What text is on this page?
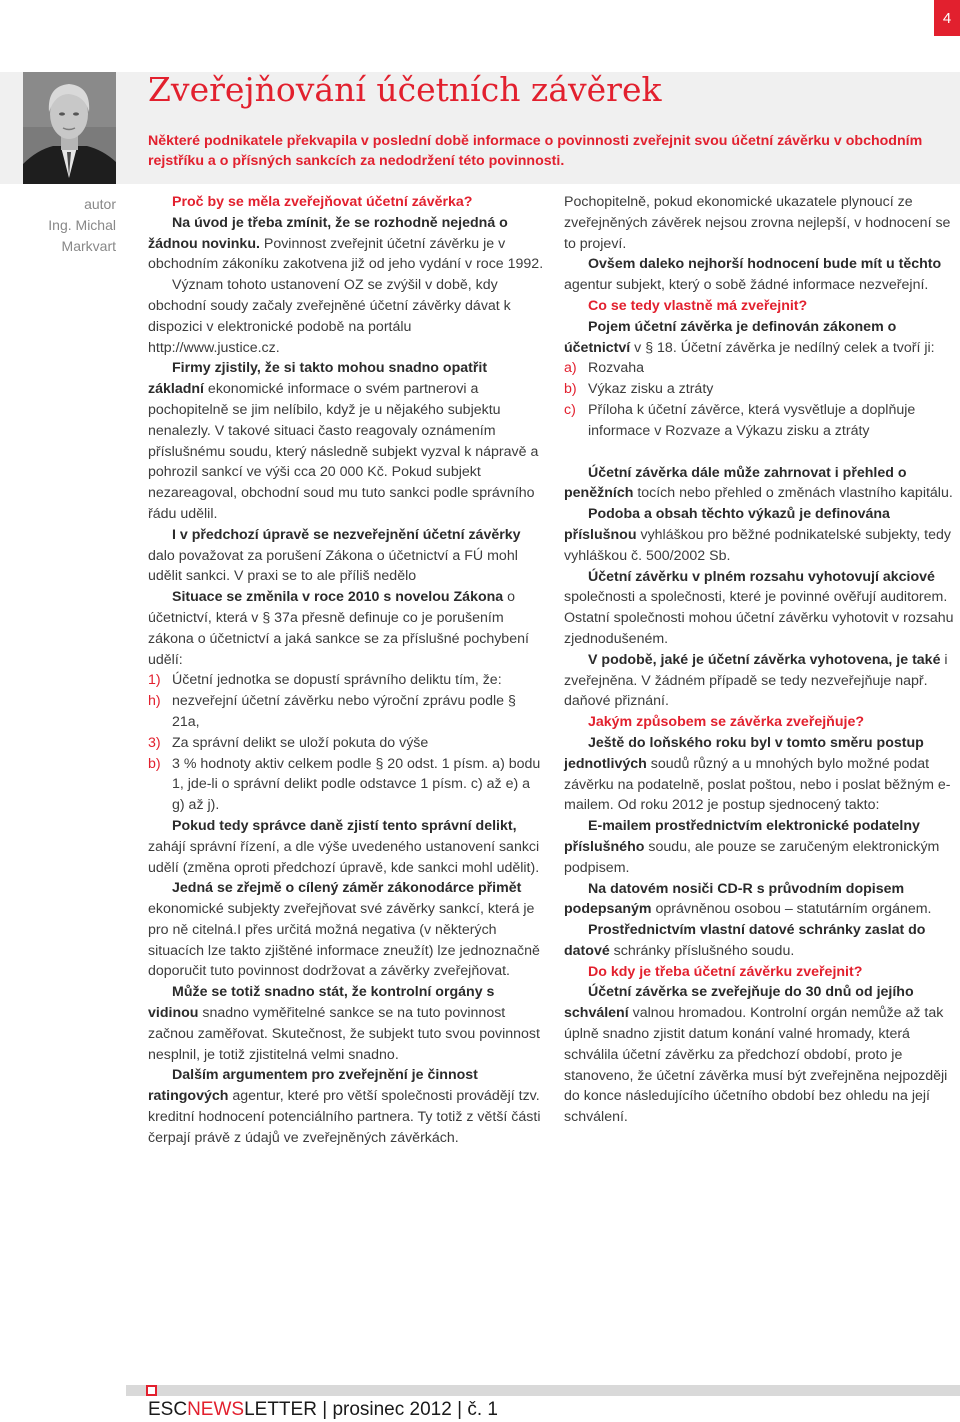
4
Zveřejňování účetních závěrek

Některé podnikatele překvapila v poslední době informace o povinnosti zveřejnit svou účetní závěrku v obchodním rejstříku a o přísných sankcích za nedodržení této povinnosti.

autor
Ing. Michal
Markvart

Proč by se měla zveřejňovat účetní závěrka?

Na úvod je třeba zmínit, že se rozhodně nejedná o žádnou novinku. Povinnost zveřejnit účetní závěrku je v obchodním zákoníku zakotvena již od jeho vydání v roce 1992.

Význam tohoto ustanovení OZ se zvýšil v době, kdy obchodní soudy začaly zveřejněné účetní závěrky dávat k dispozici v elektronické podobě na portálu http://www.justice.cz.

Firmy zjistily, že si takto mohou snadno opatřit základní ekonomické informace o svém partnerovi a pochopitelně se jim nelíbilo, když je u nějakého subjektu nenalezly. V takové situaci často reagovaly oznámením příslušnému soudu, který následně subjekt vyzval k nápravě a pohrozil sankcí ve výši cca 20 000 Kč. Pokud subjekt nezareagoval, obchodní soud mu tuto sankci podle správního řádu udělil.

I v předchozí úpravě se nezveřejnění účetní závěrky dalo považovat za porušení Zákona o účetnictví a FÚ mohl udělit sankci. V praxi se to ale příliš nedělo

Situace se změnila v roce 2010 s novelou Zákona o účetnictví, která v § 37a přesně definuje co je porušením zákona o účetnictví a jaká sankce se za příslušné pochybení udělí:

1) Účetní jednotka se dopustí správního deliktu tím, že:
h) nezveřejní účetní závěrku nebo výroční zprávu podle § 21a,
3) Za správní delikt se uloží pokuta do výše
b) 3 % hodnoty aktiv celkem podle § 20 odst. 1 písm. a) bodu 1, jde-li o správní delikt podle odstavce 1 písm. c) až e) a g) až j).

Pokud tedy správce daně zjistí tento správní delikt, zahájí správní řízení, a dle výše uvedeného ustanovení sankci udělí (změna oproti předchozí úpravě, kde sankci mohl udělit).

Jedná se zřejmě o cílený záměr zákonodárce přimět ekonomické subjekty zveřejňovat své závěrky sankcí, která je pro ně citelná.I přes určitá možná negativa (v některých situacích lze takto zjištěné informace zneužít) lze jednoznačně doporučit tuto povinnost dodržovat a závěrky zveřejňovat.

Může se totiž snadno stát, že kontrolní orgány s vidinou snadno vyměřitelné sankce se na tuto povinnost začnou zaměřovat. Skutečnost, že subjekt tuto svou povinnost nesplnil, je totiž zjistitelná velmi snadno.

Dalším argumentem pro zveřejnění je činnost ratingových agentur, které pro větší společnosti provádějí tzv. kreditní hodnocení potenciálního partnera. Ty totiž z větší části čerpají právě z údajů ve zveřejněných závěrkách.

Pochopitelně, pokud ekonomické ukazatele plynoucí ze zveřejněných závěrek nejsou zrovna nejlepší, v hodnocení se to projeví.

Ovšem daleko nejhorší hodnocení bude mít u těchto agentur subjekt, který o sobě žádné informace nezveřejní.

Co se tedy vlastně má zveřejnit?

Pojem účetní závěrka je definován zákonem o účetnictví v § 18. Účetní závěrka je nedílný celek a tvoří ji:

a) Rozvaha
b) Výkaz zisku a ztráty
c) Příloha k účetní závěrce, která vysvětluje a doplňuje informace v Rozvaze a Výkazu zisku a ztráty

Účetní závěrka dále může zahrnovat i přehled o peněžních tocích nebo přehled o změnách vlastního kapitálu.

Podoba a obsah těchto výkazů je definována příslušnou vyhláškou pro běžné podnikatelské subjekty, tedy vyhláškou č. 500/2002 Sb.

Účetní závěrku v plném rozsahu vyhotovují akciové společnosti a společnosti, které je povinné ověřují auditorem. Ostatní společnosti mohou účetní závěrku vyhotovit v rozsahu zjednodušeném.

V podobě, jaké je účetní závěrka vyhotovena, je také i zveřejněna. V žádném případě se tedy nezveřejňuje např. daňové přiznání.

Jakým způsobem se závěrka zveřejňuje?

Ještě do loňského roku byl v tomto směru postup jednotlivých soudů různý a u mnohých bylo možné podat závěrku na podatelně, poslat poštou, nebo i poslat běžným e-mailem. Od roku 2012 je postup sjednocený takto:

E-mailem prostřednictvím elektronické podatelny příslušného soudu, ale pouze se zaručeným elektronickým podpisem.

Na datovém nosiči CD-R s průvodním dopisem podepsaným oprávněnou osobou – statutárním orgánem.

Prostřednictvím vlastní datové schránky zaslat do datové schránky příslušného soudu.

Do kdy je třeba účetní závěrku zveřejnit?

Účetní závěrka se zveřejňuje do 30 dnů od jejího schválení valnou hromadou. Kontrolní orgán nemůže až tak úplně snadno zjistit datum konání valné hromady, která schválila účetní závěrku za předchozí období, proto je stanoveno, že účetní závěrka musí být zveřejněna nejpozději do konce následujícího účetního období bez ohledu na její schválení.

ESCNEWSLETTER | prosinec 2012 | č. 1
